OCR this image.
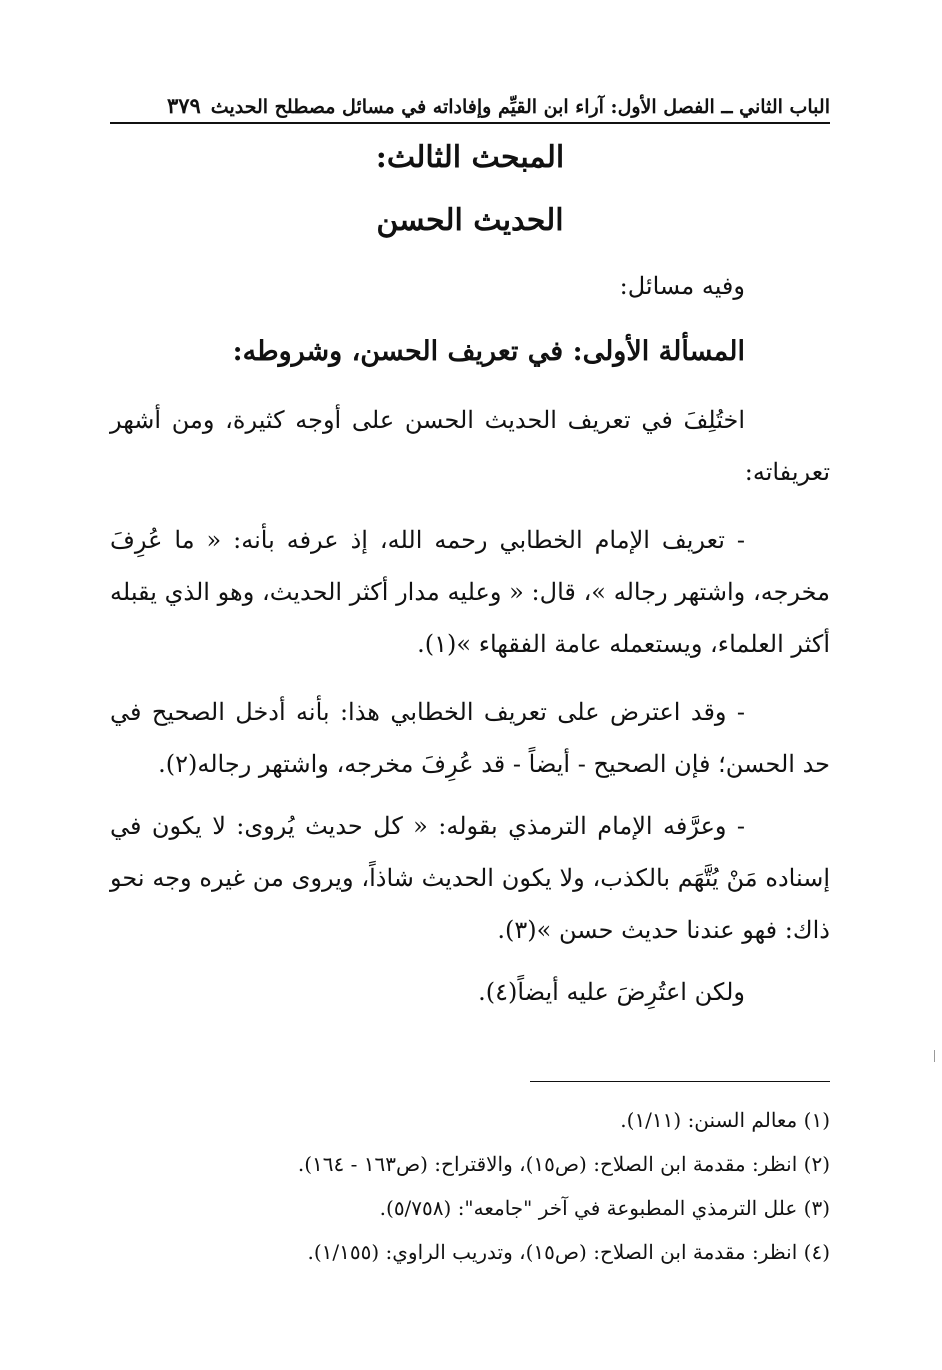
الباب الثاني ــ الفصل الأول: آراء ابن القيِّم وإفاداته في مسائل مصطلح الحديث
٣٧٩
المبحث الثالث:
الحديث الحسن
وفيه مسائل:
المسألة الأولى: في تعريف الحسن، وشروطه:
اختُلِفَ في تعريف الحديث الحسن على أوجه كثيرة، ومن أشهر تعريفاته:
- تعريف الإمام الخطابي رحمه الله، إذ عرفه بأنه: « ما عُرِفَ مخرجه، واشتهر رجاله »، قال: « وعليه مدار أكثر الحديث، وهو الذي يقبله أكثر العلماء، ويستعمله عامة الفقهاء »(١).
- وقد اعترض على تعريف الخطابي هذا: بأنه أدخل الصحيح في حد الحسن؛ فإن الصحيح - أيضاً - قد عُرِفَ مخرجه، واشتهر رجاله(٢).
- وعرَّفه الإمام الترمذي بقوله: « كل حديث يُروى: لا يكون في إسناده مَنْ يُتَّهَم بالكذب، ولا يكون الحديث شاذاً، ويروى من غيره وجه نحو ذاك: فهو عندنا حديث حسن »(٣).
ولكن اعتُرِضَ عليه أيضاً(٤).
(١) معالم السنن: (١/١١).
(٢) انظر: مقدمة ابن الصلاح: (ص١٥)، والاقتراح: (ص١٦٣ - ١٦٤).
(٣) علل الترمذي المطبوعة في آخر "جامعه": (٥/٧٥٨).
(٤) انظر: مقدمة ابن الصلاح: (ص١٥)، وتدريب الراوي: (١/١٥٥).
